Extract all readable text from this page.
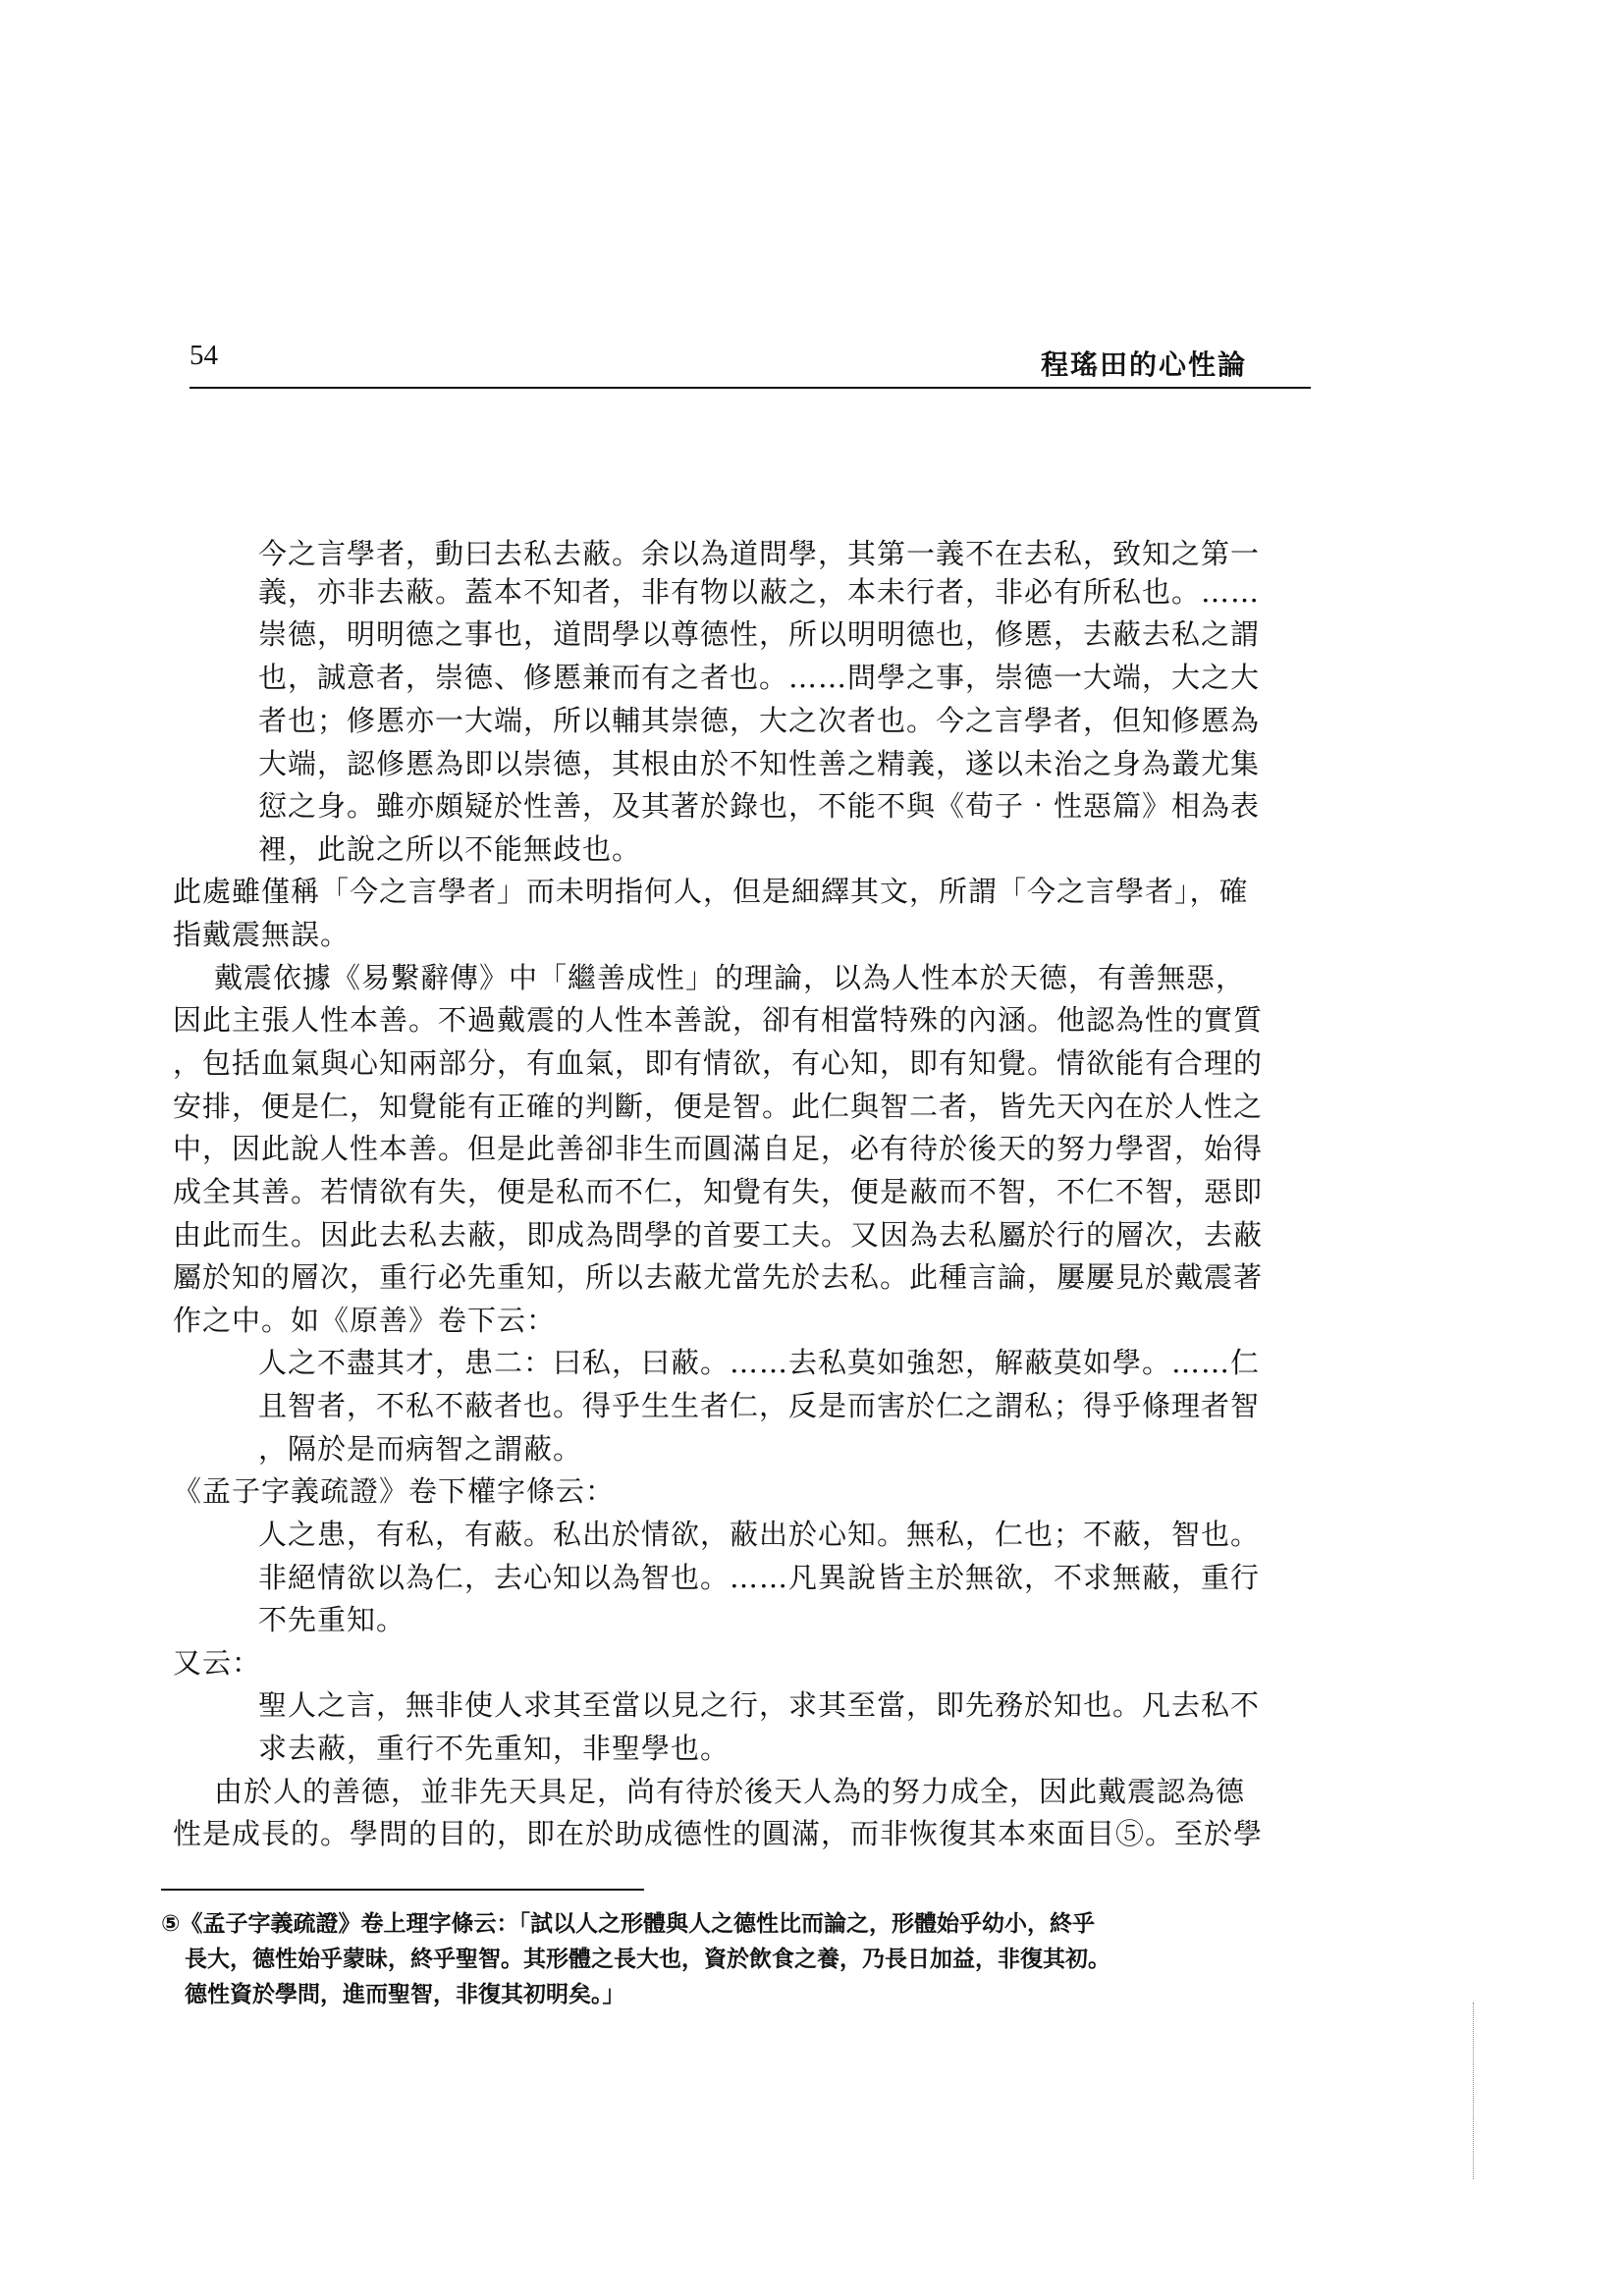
54	程瑤田的心性論
今之言學者，動曰去私去蔽。余以為道問學，其第一義不在去私，致知之第一
義，亦非去蔽。蓋本不知者，非有物以蔽之，本未行者，非必有所私也。……
崇德，明明德之事也，道問學以尊德性，所以明明德也，修慝，去蔽去私之謂
也，誠意者，崇德、修慝兼而有之者也。……問學之事，崇德一大端，大之大
者也；修慝亦一大端，所以輔其崇德，大之次者也。今之言學者，但知修慝為
大端，認修慝為即以崇德，其根由於不知性善之精義，遂以未治之身為叢尤集
愆之身。雖亦頗疑於性善，及其著於錄也，不能不與《荀子‧性惡篇》相為表
裡，此說之所以不能無歧也。
此處雖僅稱「今之言學者」而未明指何人，但是細繹其文，所謂「今之言學者」，確
指戴震無誤。
戴震依據《易繫辭傳》中「繼善成性」的理論，以為人性本於天德，有善無惡，
因此主張人性本善。不過戴震的人性本善說，卻有相當特殊的內涵。他認為性的實質
，包括血氣與心知兩部分，有血氣，即有情欲，有心知，即有知覺。情欲能有合理的
安排，便是仁，知覺能有正確的判斷，便是智。此仁與智二者，皆先天內在於人性之
中，因此說人性本善。但是此善卻非生而圓滿自足，必有待於後天的努力學習，始得
成全其善。若情欲有失，便是私而不仁，知覺有失，便是蔽而不智，不仁不智，惡即
由此而生。因此去私去蔽，即成為問學的首要工夫。又因為去私屬於行的層次，去蔽
屬於知的層次，重行必先重知，所以去蔽尤當先於去私。此種言論，屢屢見於戴震著
作之中。如《原善》卷下云：
人之不盡其才，患二：曰私，曰蔽。……去私莫如強恕，解蔽莫如學。……仁
且智者，不私不蔽者也。得乎生生者仁，反是而害於仁之謂私；得乎條理者智
，隔於是而病智之謂蔽。
《孟子字義疏證》卷下權字條云：
人之患，有私，有蔽。私出於情欲，蔽出於心知。無私，仁也；不蔽，智也。
非絕情欲以為仁，去心知以為智也。……凡異說皆主於無欲，不求無蔽，重行
不先重知。
又云：
聖人之言，無非使人求其至當以見之行，求其至當，即先務於知也。凡去私不
求去蔽，重行不先重知，非聖學也。
由於人的善德，並非先天具足，尚有待於後天人為的努力成全，因此戴震認為德
性是成長的。學問的目的，即在於助成德性的圓滿，而非恢復其本來面目⑤。至於學
⑤《孟子字義疏證》卷上理字條云：「試以人之形體與人之德性比而論之，形體始乎幼小，終乎
長大，德性始乎蒙昧，終乎聖智。其形體之長大也，資於飲食之養，乃長日加益，非復其初。
德性資於學問，進而聖智，非復其初明矣。」
